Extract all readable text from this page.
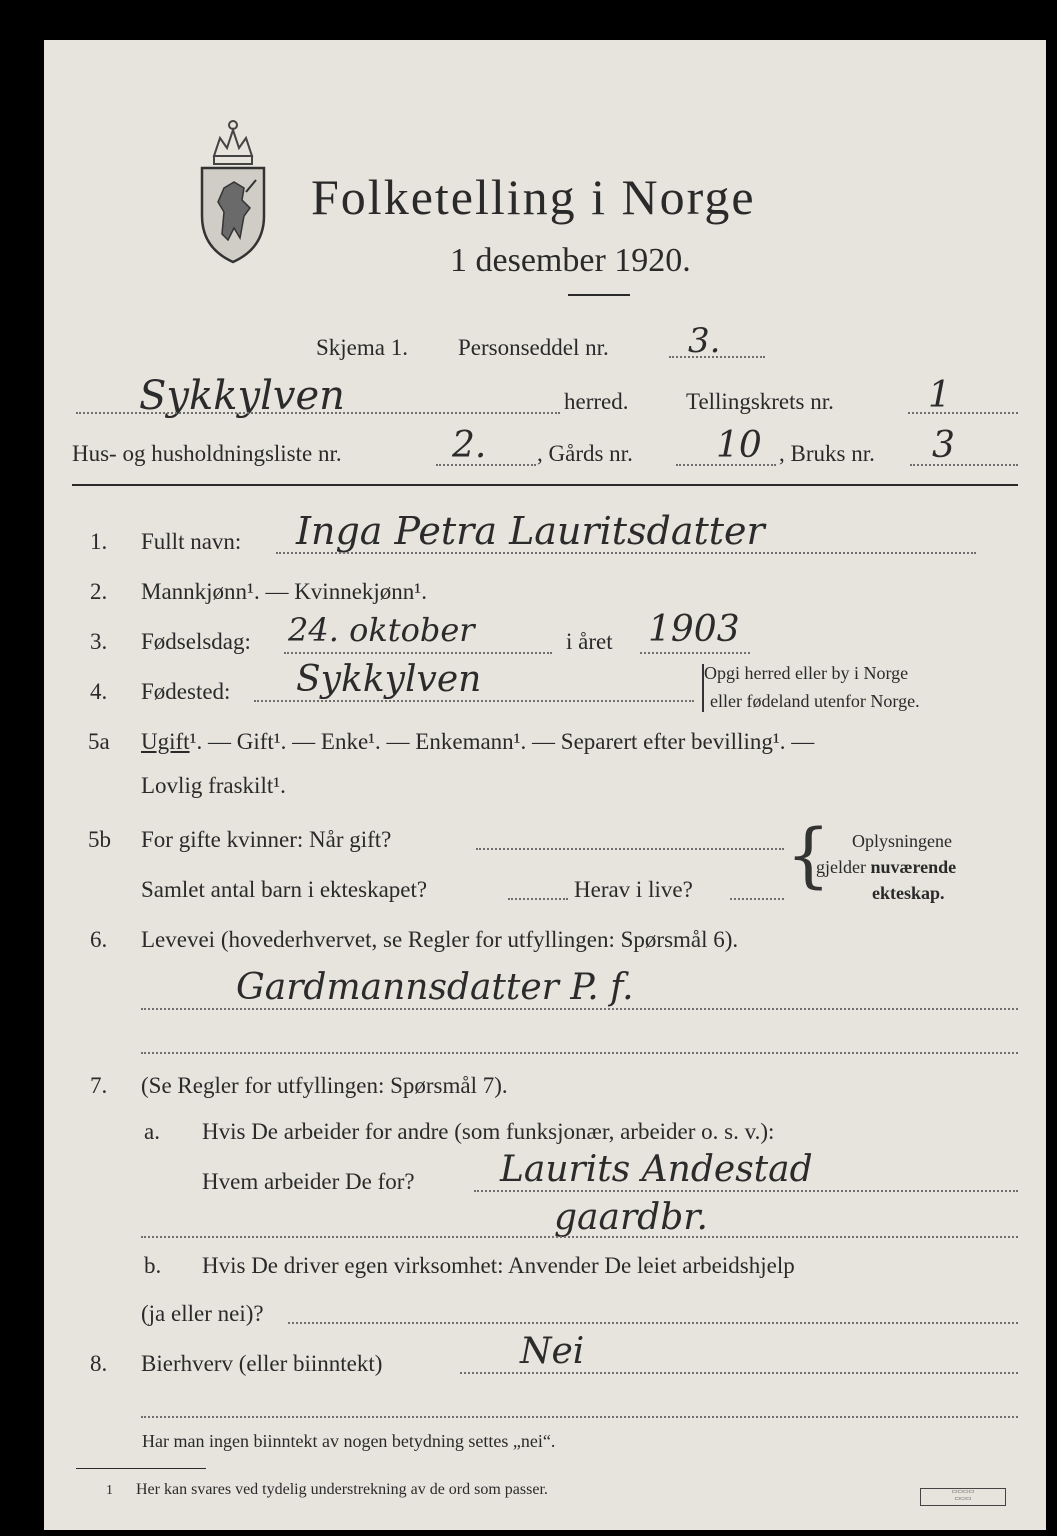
Folketelling i Norge
1 desember 1920.
Skjema 1. Personseddel nr. 3.
Sykkylven	herred.	Tellingskrets nr.	1
Hus- og husholdningsliste nr.	2. , Gårds nr. 10 , Bruks nr. 3
1. Fullt navn: Inga Petra Lauritsdatter
2. Mannkjønn¹. — Kvinnekjønn¹.
3. Fødselsdag: 24. oktober	i året 1903
4. Fødested: Sykkylven	Opgi herred eller by i Norge
eller fødeland utenfor Norge.
5a Ugift¹. — Gift¹. — Enke¹. — Enkemann¹. — Separert efter bevilling¹. —
Lovlig fraskilt¹.
5b For gifte kvinner: Når gift?
Samlet antal barn i ekteskapet?	Herav i live? { Oplysningene
gjelder nuværende
ekteskap.
6. Levevei (hovederhvervet, se Regler for utfyllingen: Spørsmål 6).
Gardmannsdatter P. f.
7. (Se Regler for utfyllingen: Spørsmål 7).
a. Hvis De arbeider for andre (som funksjonær, arbeider o. s. v.):
Hvem arbeider De for? Laurits Andestad
gaardbr.
b. Hvis De driver egen virksomhet: Anvender De leiet arbeidshjelp
(ja eller nei)?
8. Bierhverv (eller biinntekt)	Nei
Har man ingen biinntekt av nogen betydning settes „nei“.
1 Her kan svares ved tydelig understrekning av de ord som passer.	▭▭▭▭
▭▭▭
